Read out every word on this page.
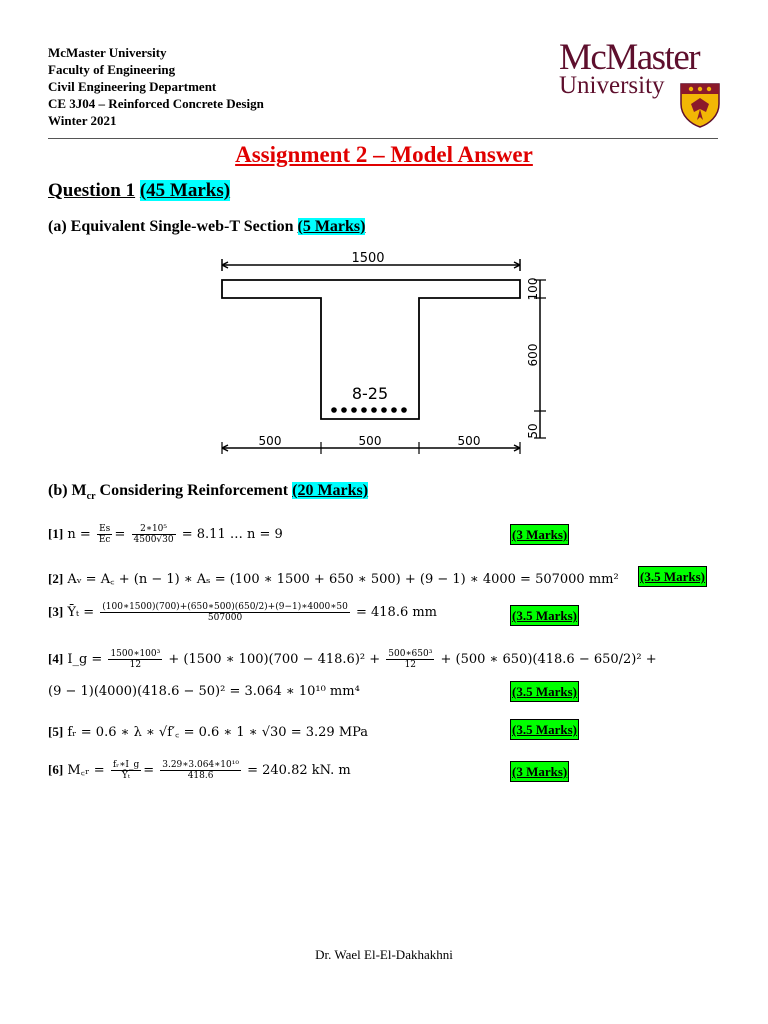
McMaster University
Faculty of Engineering
Civil Engineering Department
CE 3J04 – Reinforced Concrete Design
Winter 2021
McMaster
University
Assignment 2 – Model Answer
Question 1 (45 Marks)
(a) Equivalent Single-web-T Section (5 Marks)
1500
8-25
500	500	500
100
600
50
(b) $M_{cr}$ Considering Reinforcement (20 Marks)
[1] $n = \frac{Es}{Ec} = \frac{\text{2∗10⁵}}{4500√30} = 8.11$ … n = 9	(3 Marks)
[2] Aᵥ = A꜀ + (n − 1) ∗ Aₛ = (100 ∗ 1500 + 650 ∗ 500) + (9 − 1) ∗ 4000 = 507000 mm² (3.5 Marks)
[3] Ȳₜ = $\frac{(100∗1500)(700)+(650∗500)(650/2)+(9-1)∗4000∗50}{507000} = 418.6$ mm	(3.5 Marks)
[4] I_g = $\frac{\text{1500∗100³}}{12} + (1500$ ∗ $100)(700 - 418.6)^2 + \frac{\text{500∗650³}}{12} + (500$ ∗ 650)(418.6 − 650/2)² +
(9 − 1)(4000)(418.6 − 50)² = 3.064 ∗ 10¹⁰ mm⁴	(3.5 Marks)
[5] fᵣ = 0.6 ∗ λ ∗ √f′꜀ = 0.6 ∗ 1 ∗ √30 = 3.29 MPa	(3.5 Marks)
[6] M꜀ᵣ = $\frac{\text{fᵣ∗I\_g}}{\text{Ȳₜ}} = \frac{\text{3.29∗3.064∗10¹⁰}}{418.6} = 240.82$ kN. m	(3 Marks)
Dr. Wael El-El-Dakhakhni
